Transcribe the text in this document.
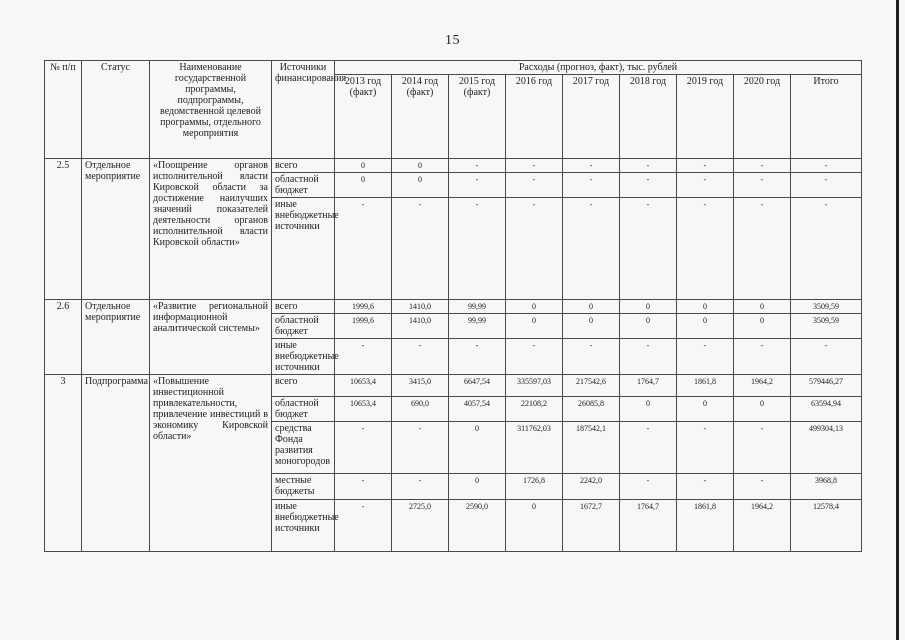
15
№ п/п	Статус	Наименование государственной программы, подпрограммы, ведомственной целевой программы, отдельного мероприятия	Источники финансирования	Расходы (прогноз, факт), тыс. рублей								
				2013 год (факт)	2014 год (факт)	2015 год (факт)	2016 год	2017 год	2018 год	2019 год	2020 год	Итого
2.5	Отдельное мероприятие	«Поощрение органов исполнительной власти Кировской области за достижение наилучших значений показателей деятельности органов исполнительной власти Кировской области»	всего	0	0	-	-	-	-	-	-	-
			областной бюджет	0	0	-	-	-	-	-	-	-
			иные внебюджетные источники	-	-	-	-	-	-	-	-	-
2.6	Отдельное мероприятие	«Развитие региональной информационной аналитической системы»	всего	1999,6	1410,0	99,99	0	0	0	0	0	3509,59
			областной бюджет	1999,6	1410,0	99,99	0	0	0	0	0	3509,59
			иные внебюджетные источники	-	-	-	-	-	-	-	-	-
3	Подпрограмма	«Повышение инвестиционной привлекательности, привлечение инвестиций в экономику Кировской области»	всего	10653,4	3415,0	6647,54	335597,03	217542,6	1764,7	1861,8	1964,2	579446,27
			областной бюджет	10653,4	690,0	4057,54	22108,2	26085,8	0	0	0	63594,94
			средства Фонда развития моногородов	-	-	0	311762,03	187542,1	-	-	-	499304,13
			местные бюджеты	-	-	0	1726,8	2242,0	-	-	-	3968,8
			иные внебюджетные источники	-	2725,0	2590,0	0	1672,7	1764,7	1861,8	1964,2	12578,4
